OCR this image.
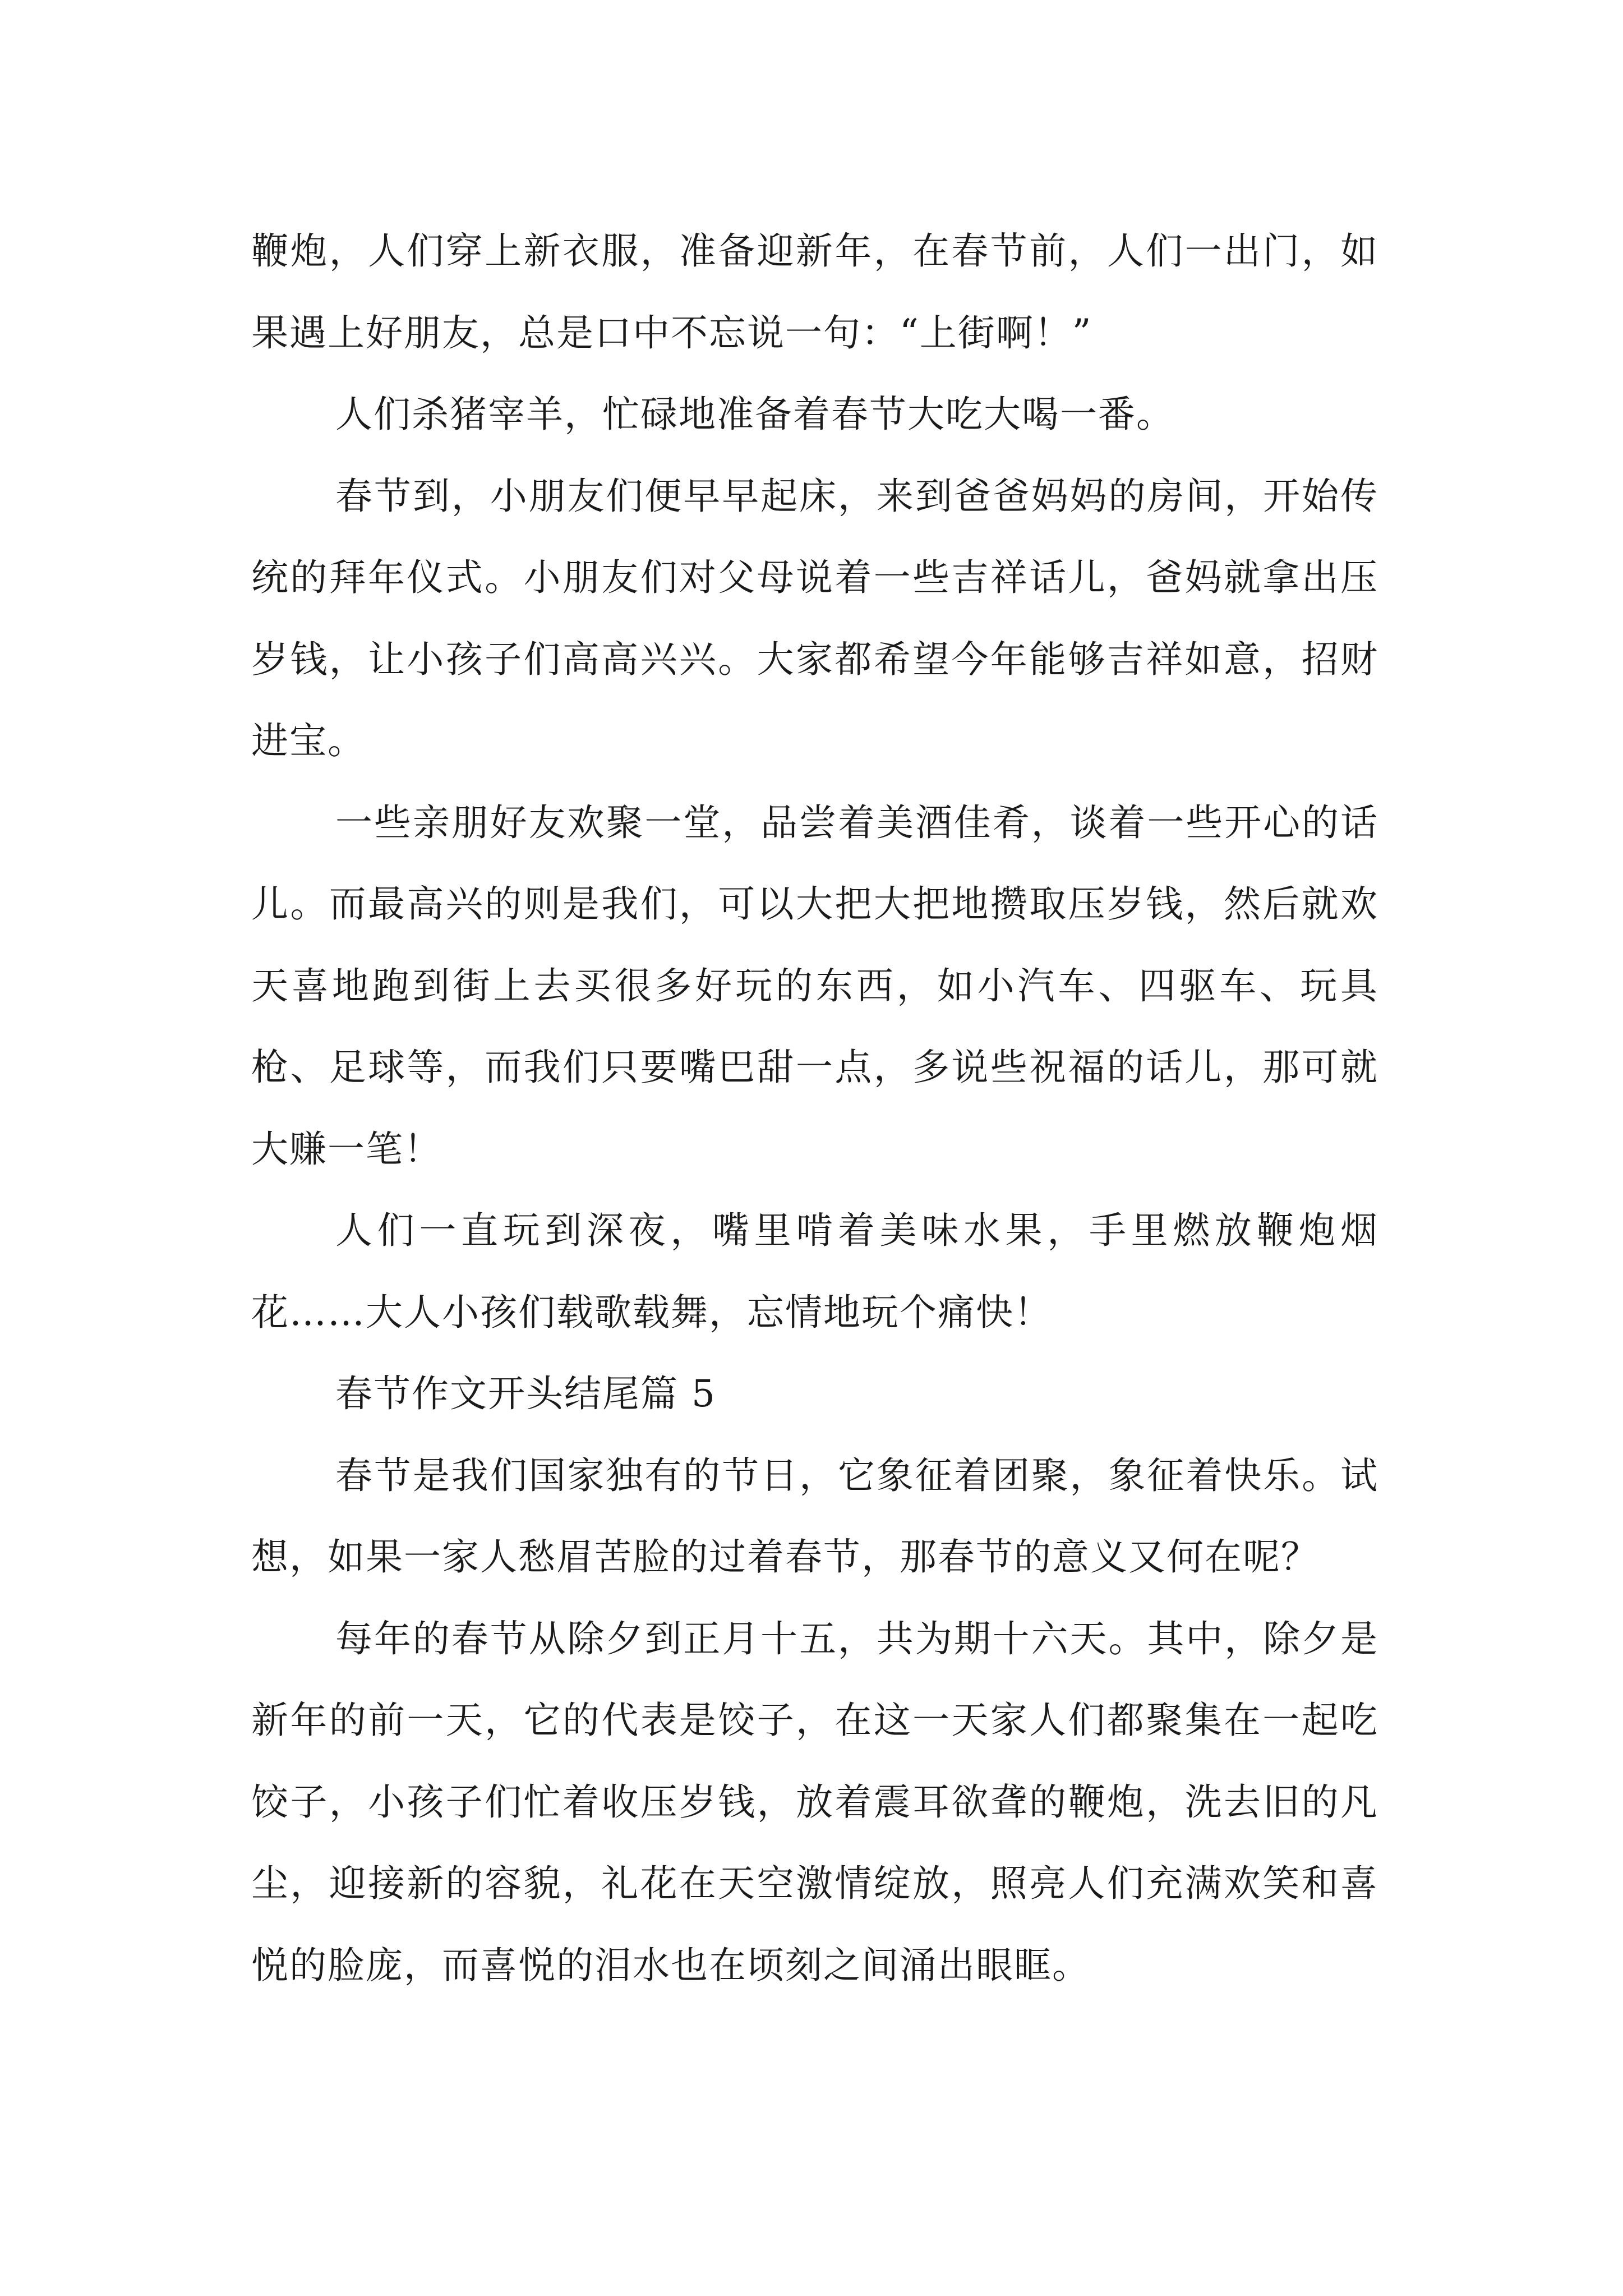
鞭炮，人们穿上新衣服，准备迎新年，在春节前，人们一出门，如果遇上好朋友，总是口中不忘说一句：“上街啊！”

人们杀猪宰羊，忙碌地准备着春节大吃大喝一番。

春节到，小朋友们便早早起床，来到爸爸妈妈的房间，开始传统的拜年仪式。小朋友们对父母说着一些吉祥话儿，爸妈就拿出压岁钱，让小孩子们高高兴兴。大家都希望今年能够吉祥如意，招财进宝。

一些亲朋好友欢聚一堂，品尝着美酒佳肴，谈着一些开心的话儿。而最高兴的则是我们，可以大把大把地攒取压岁钱，然后就欢天喜地跑到街上去买很多好玩的东西，如小汽车、四驱车、玩具枪、足球等，而我们只要嘴巴甜一点，多说些祝福的话儿，那可就大赚一笔！

人们一直玩到深夜，嘴里啃着美味水果，手里燃放鞭炮烟花……大人小孩们载歌载舞，忘情地玩个痛快！

春节作文开头结尾篇 5

春节是我们国家独有的节日，它象征着团聚，象征着快乐。试想，如果一家人愁眉苦脸的过着春节，那春节的意义又何在呢？

每年的春节从除夕到正月十五，共为期十六天。其中，除夕是新年的前一天，它的代表是饺子，在这一天家人们都聚集在一起吃饺子，小孩子们忙着收压岁钱，放着震耳欲聋的鞭炮，洗去旧的凡尘，迎接新的容貌，礼花在天空激情绽放，照亮人们充满欢笑和喜悦的脸庞，而喜悦的泪水也在顷刻之间涌出眼眶。
